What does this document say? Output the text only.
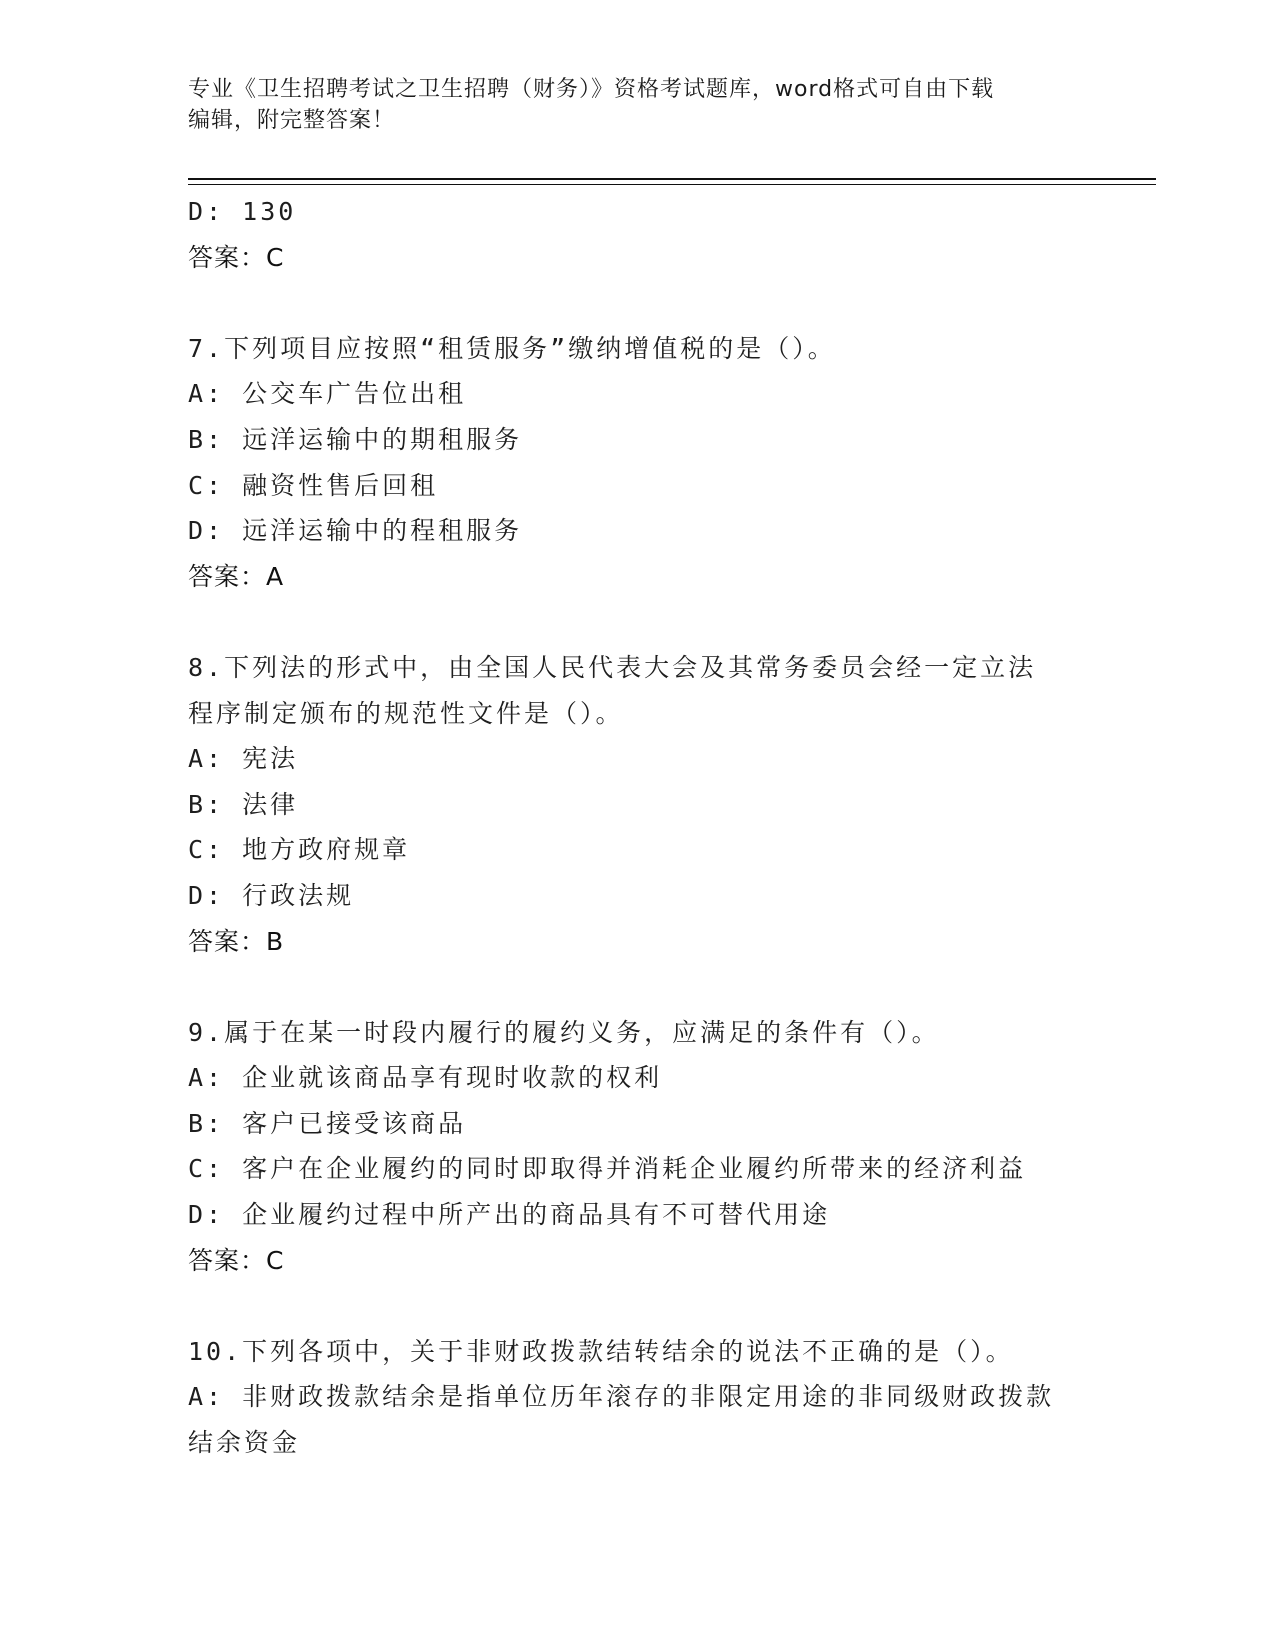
专业《卫生招聘考试之卫生招聘（财务）》资格考试题库，word格式可自由下载
编辑，附完整答案！
D: 130
答案：C
7.下列项目应按照“租赁服务”缴纳增值税的是（）。
A: 公交车广告位出租
B: 远洋运输中的期租服务
C: 融资性售后回租
D: 远洋运输中的程租服务
答案：A
8.下列法的形式中，由全国人民代表大会及其常务委员会经一定立法
程序制定颁布的规范性文件是（）。
A: 宪法
B: 法律
C: 地方政府规章
D: 行政法规
答案：B
9.属于在某一时段内履行的履约义务，应满足的条件有（）。
A: 企业就该商品享有现时收款的权利
B: 客户已接受该商品
C: 客户在企业履约的同时即取得并消耗企业履约所带来的经济利益
D: 企业履约过程中所产出的商品具有不可替代用途
答案：C
10.下列各项中，关于非财政拨款结转结余的说法不正确的是（）。
A: 非财政拨款结余是指单位历年滚存的非限定用途的非同级财政拨款
结余资金
